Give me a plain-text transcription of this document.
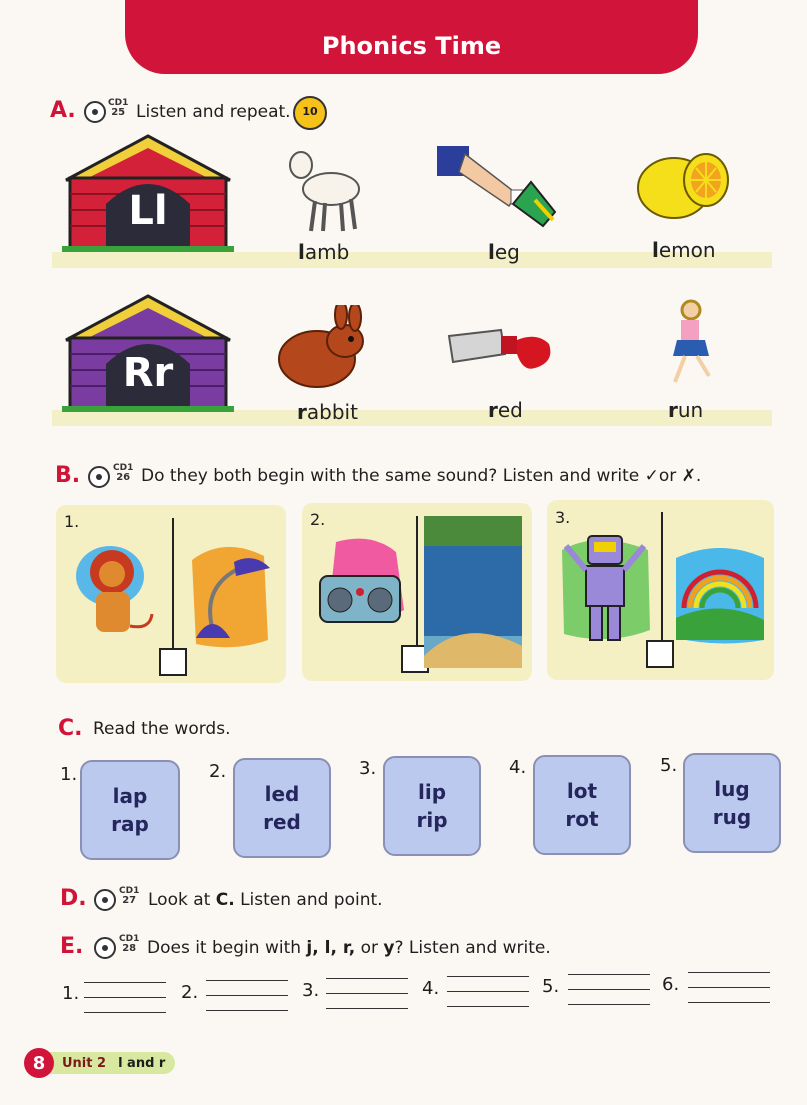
Phonics Time
A.	CD1
25 Listen and repeat.	10
Ll
lamb	leg	lemon
Rr
rabbit	red	run
B.	CD1
26 Do they both begin with the same sound? Listen and write ✓or ✗.
1.	2.	3.
C. Read the words.
1.
lap
rap
2.
led
red
3.
lip
rip
4.
lot
rot
5.
lug
rug
D.	CD1
27 Look at C. Listen and point.
E.	CD1
28 Does it begin with j, l, r, or y? Listen and write.
1.	2.	3.	4.	5.	6.
Unit 2 l and r
8
